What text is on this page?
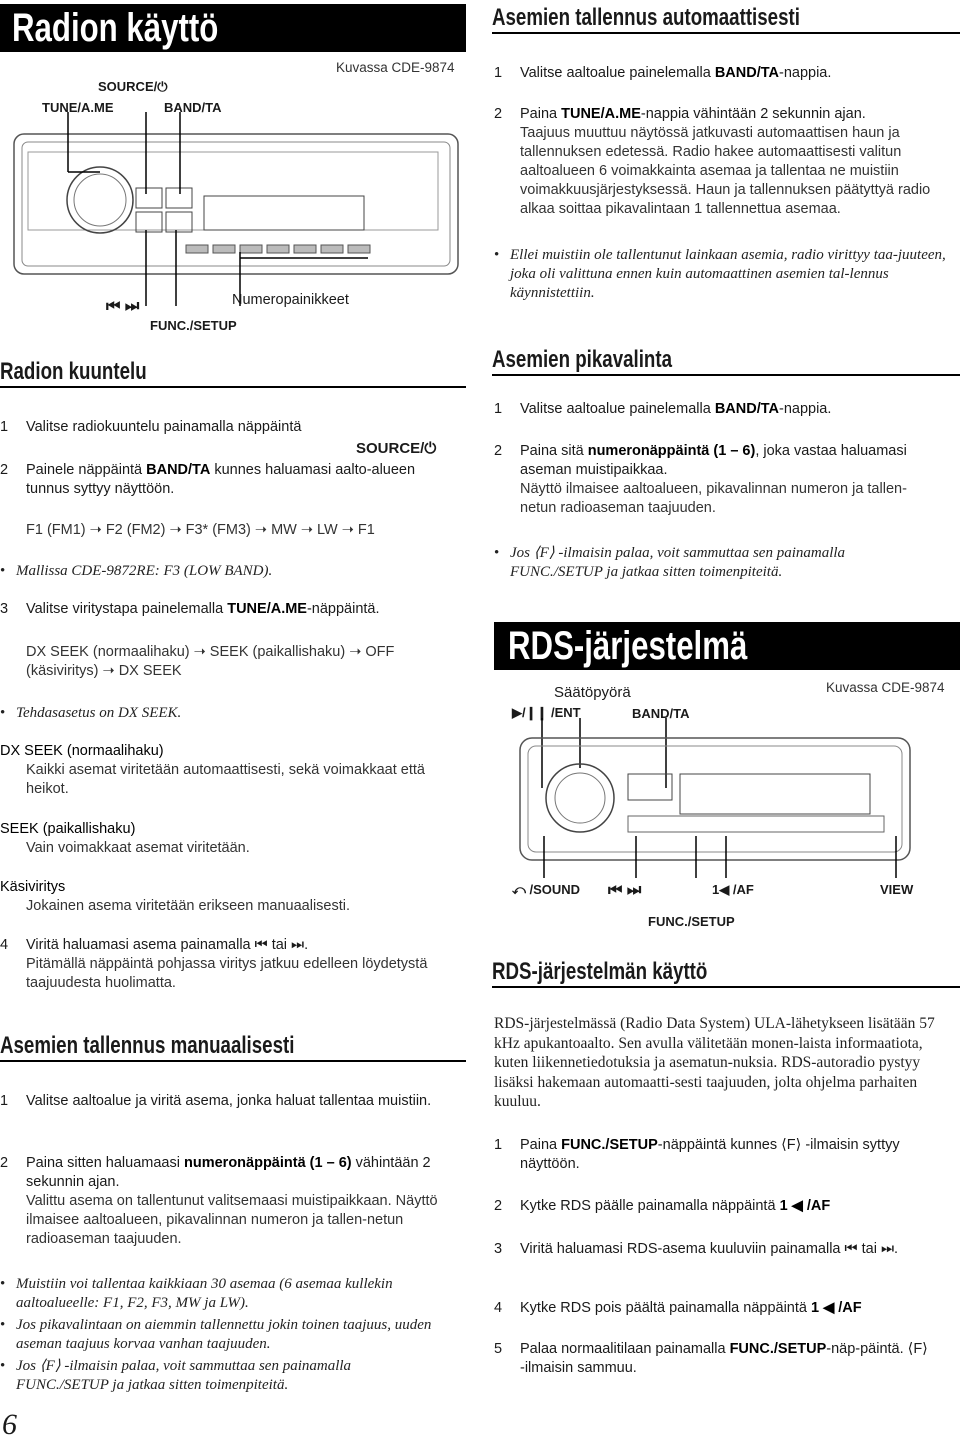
Radion käyttö
Kuvassa CDE-9874
SOURCE/⏻
TUNE/A.ME	BAND/TA
⏮ ⏭	Numeropainikkeet
FUNC./SETUP
Radion kuuntelu
1	Valitse radiokuuntelu painamalla näppäintä
SOURCE/⏻
2	Painele näppäintä BAND/TA kunnes haluamasi aalto-alueen tunnus syttyy näyttöön.
F1 (FM1) ➝ F2 (FM2) ➝ F3* (FM3) ➝ MW ➝ LW ➝ F1
• Mallissa CDE-9872RE: F3 (LOW BAND).
3	Valitse viritystapa painelemalla TUNE/A.ME-näppäintä.
DX SEEK (normaalihaku) ➝ SEEK (paikallishaku) ➝ OFF (käsiviritys) ➝ DX SEEK
• Tehdasasetus on DX SEEK.
DX SEEK (normaalihaku)
Kaikki asemat viritetään automaattisesti, sekä voimakkaat että heikot.
SEEK (paikallishaku)
Vain voimakkaat asemat viritetään.
Käsiviritys
Jokainen asema viritetään erikseen manuaalisesti.
4	Viritä haluamasi asema painamalla ⏮ tai ⏭.
Pitämällä näppäintä pohjassa viritys jatkuu edelleen löydetystä taajuudesta huolimatta.
Asemien tallennus manuaalisesti
1	Valitse aaltoalue ja viritä asema, jonka haluat tallentaa muistiin.
2	Paina sitten haluamaasi numeronäppäintä (1 – 6) vähintään 2 sekunnin ajan.
Valittu asema on tallentunut valitsemaasi muistipaikkaan. Näyttö ilmaisee aaltoalueen, pikavalinnan numeron ja tallen-netun radioaseman taajuuden.
• Muistiin voi tallentaa kaikkiaan 30 asemaa (6 asemaa kullekin aaltoalueelle: F1, F2, F3, MW ja LW).
• Jos pikavalintaan on aiemmin tallennettu jokin toinen taajuus, uuden aseman taajuus korvaa vanhan taajuuden.
• Jos ⟨F⟩ -ilmaisin palaa, voit sammuttaa sen painamalla FUNC./SETUP ja jatkaa sitten toimenpiteitä.
6
Asemien tallennus automaattisesti
1	Valitse aaltoalue painelemalla BAND/TA-nappia.
2	Paina TUNE/A.ME-nappia vähintään 2 sekunnin ajan.
Taajuus muuttuu näytössä jatkuvasti automaattisen haun ja tallennuksen edetessä. Radio hakee automaattisesti valitun aaltoalueen 6 voimakkainta asemaa ja tallentaa ne muistiin voimakkuusjärjestyksessä. Haun ja tallennuksen päätyttyä radio alkaa soittaa pikavalintaan 1 tallennettua asemaa.
• Ellei muistiin ole tallentunut lainkaan asemia, radio virittyy taa-juuteen, joka oli valittuna ennen kuin automaattinen asemien tal-lennus käynnistettiin.
Asemien pikavalinta
1	Valitse aaltoalue painelemalla BAND/TA-nappia.
2	Paina sitä numeronäppäintä (1 – 6), joka vastaa haluamasi aseman muistipaikkaa.
Näyttö ilmaisee aaltoalueen, pikavalinnan numeron ja tallen-netun radioaseman taajuuden.
• Jos ⟨F⟩ -ilmaisin palaa, voit sammuttaa sen painamalla FUNC./SETUP ja jatkaa sitten toimenpiteitä.
RDS-järjestelmä
Kuvassa CDE-9874
Säätöpyörä
▶/❙❙ /ENT	BAND/TA
⤺ /SOUND ⏮ ⏭	1◀ /AF	VIEW
FUNC./SETUP
RDS-järjestelmän käyttö
RDS-järjestelmässä (Radio Data System) ULA-lähetykseen lisätään 57 kHz apukantoaalto. Sen avulla välitetään monen-laista informaatiota, kuten liikennetiedotuksia ja asematun-nuksia. RDS-autoradio pystyy lisäksi hakemaan automaatti-sesti taajuuden, jolta ohjelma parhaiten kuuluu.
1	Paina FUNC./SETUP-näppäintä kunnes ⟨F⟩ -ilmaisin syttyy näyttöön.
2	Kytke RDS päälle painamalla näppäintä 1 ◀ /AF
3	Viritä haluamasi RDS-asema kuuluviin painamalla ⏮ tai ⏭.
4	Kytke RDS pois päältä painamalla näppäintä 1 ◀ /AF
5	Palaa normaalitilaan painamalla FUNC./SETUP-näp-päintä. ⟨F⟩ -ilmaisin sammuu.
